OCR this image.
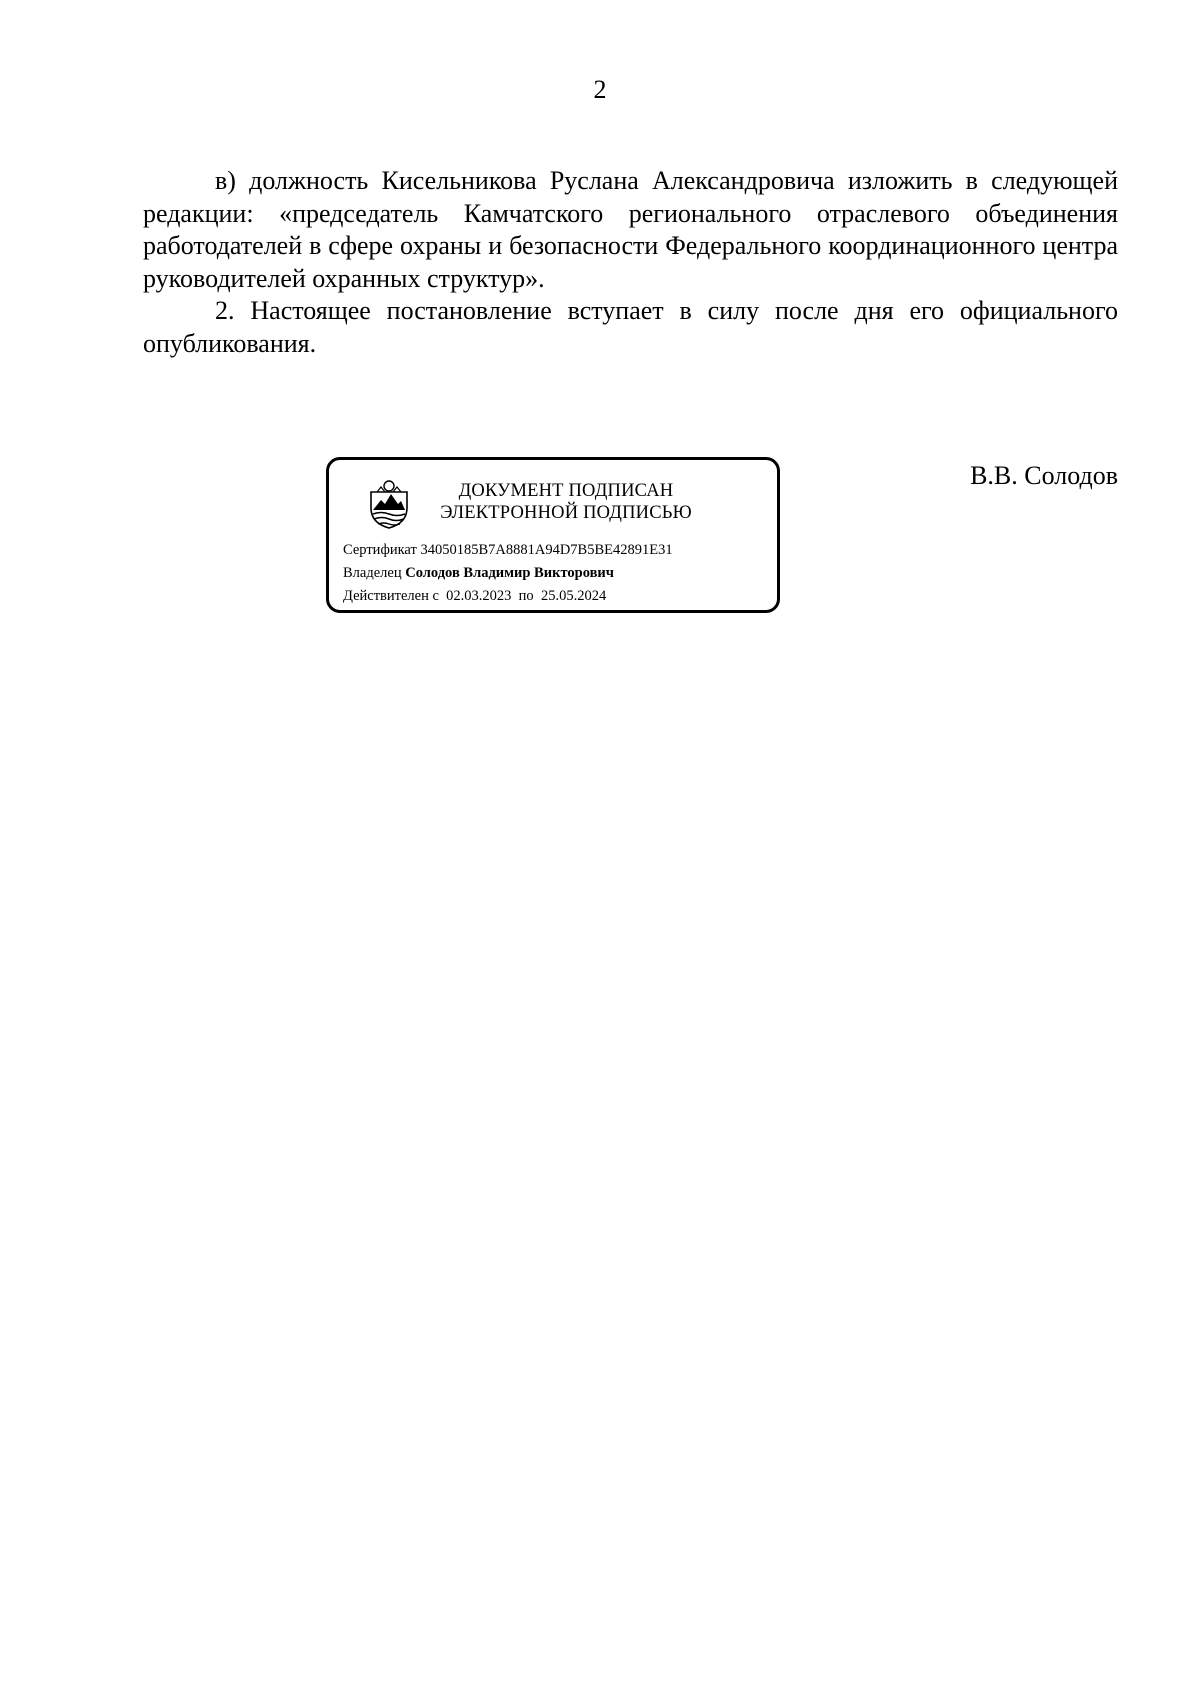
2

в) должность Кисельникова Руслана Александровича изложить в следующей редакции: «председатель Камчатского регионального отраслевого объединения работодателей в сфере охраны и безопасности Федерального координационного центра руководителей охранных структур».

2. Настоящее постановление вступает в силу после дня его официального опубликования.

ДОКУМЕНТ ПОДПИСАН
ЭЛЕКТРОННОЙ ПОДПИСЬЮ
Сертификат 34050185B7A8881A94D7B5BE42891E31
Владелец Солодов Владимир Викторович
Действителен с 02.03.2023 по 25.05.2024
В.В. Солодов
